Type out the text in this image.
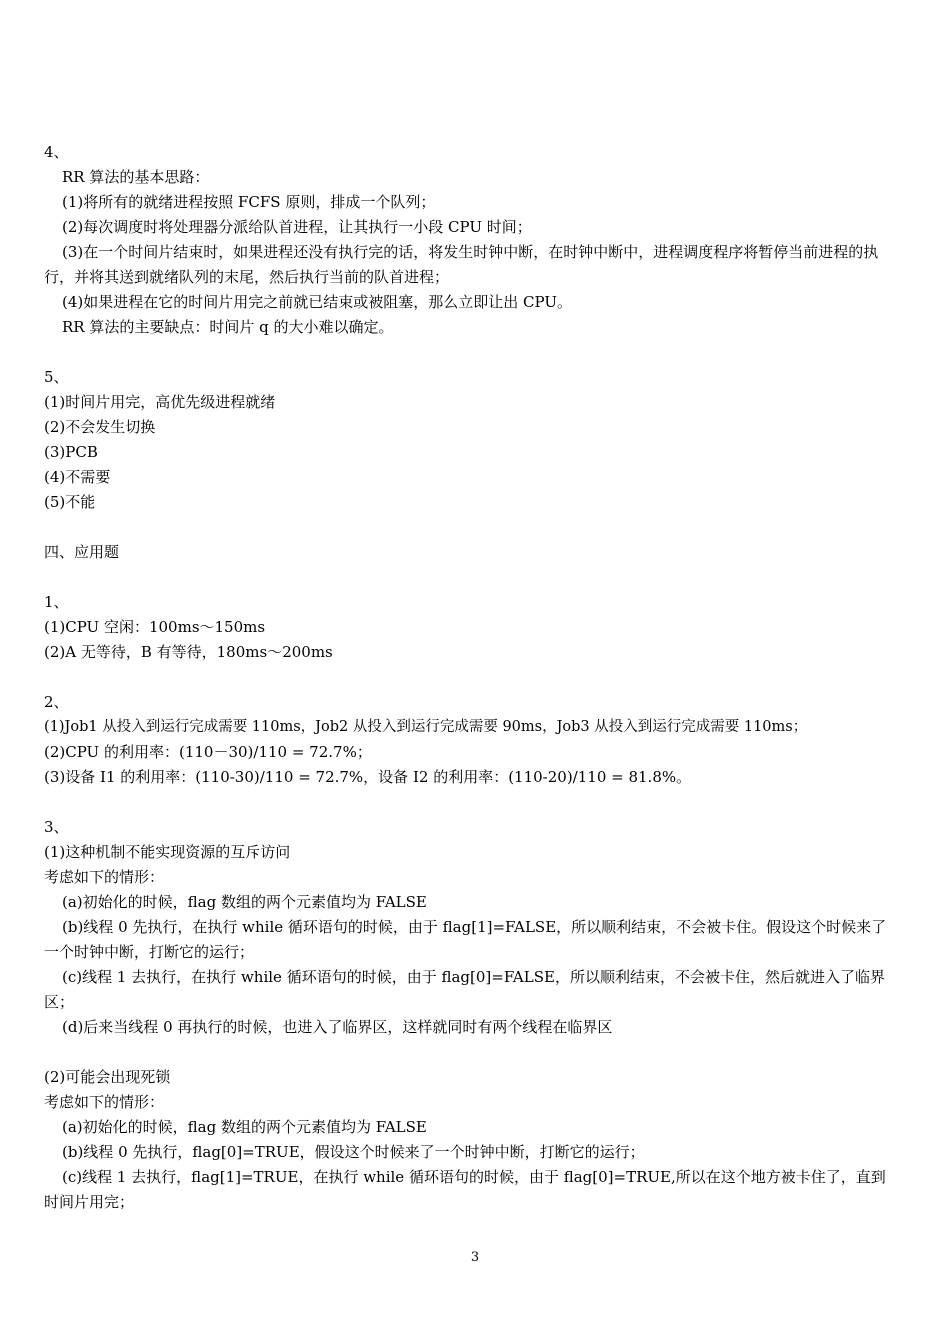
4、
RR 算法的基本思路：
(1)将所有的就绪进程按照 FCFS 原则，排成一个队列；
(2)每次调度时将处理器分派给队首进程，让其执行一小段 CPU 时间；
(3)在一个时间片结束时，如果进程还没有执行完的话，将发生时钟中断，在时钟中断中，进程调度程序将暂停当前进程的执行，并将其送到就绪队列的末尾，然后执行当前的队首进程；
(4)如果进程在它的时间片用完之前就已结束或被阻塞，那么立即让出 CPU。
RR 算法的主要缺点：时间片 q 的大小难以确定。
5、
(1)时间片用完，高优先级进程就绪
(2)不会发生切换
(3)PCB
(4)不需要
(5)不能
四、应用题
1、
(1)CPU 空闲：100ms～150ms
(2)A 无等待，B 有等待，180ms～200ms
2、
(1)Job1 从投入到运行完成需要 110ms，Job2 从投入到运行完成需要 90ms，Job3 从投入到运行完成需要 110ms；
(2)CPU 的利用率：(110－30)/110 = 72.7%；
(3)设备 I1 的利用率：(110-30)/110 = 72.7%，设备 I2 的利用率：(110-20)/110 = 81.8%。
3、
(1)这种机制不能实现资源的互斥访问
考虑如下的情形：
(a)初始化的时候，flag 数组的两个元素值均为 FALSE
(b)线程 0 先执行，在执行 while 循环语句的时候，由于 flag[1]=FALSE，所以顺利结束，不会被卡住。假设这个时候来了一个时钟中断，打断它的运行；
(c)线程 1 去执行，在执行 while 循环语句的时候，由于 flag[0]=FALSE，所以顺利结束，不会被卡住，然后就进入了临界区；
(d)后来当线程 0 再执行的时候，也进入了临界区，这样就同时有两个线程在临界区
(2)可能会出现死锁
考虑如下的情形：
(a)初始化的时候，flag 数组的两个元素值均为 FALSE
(b)线程 0 先执行，flag[0]=TRUE，假设这个时候来了一个时钟中断，打断它的运行；
(c)线程 1 去执行，flag[1]=TRUE，在执行 while 循环语句的时候，由于 flag[0]=TRUE,所以在这个地方被卡住了，直到时间片用完；
3
